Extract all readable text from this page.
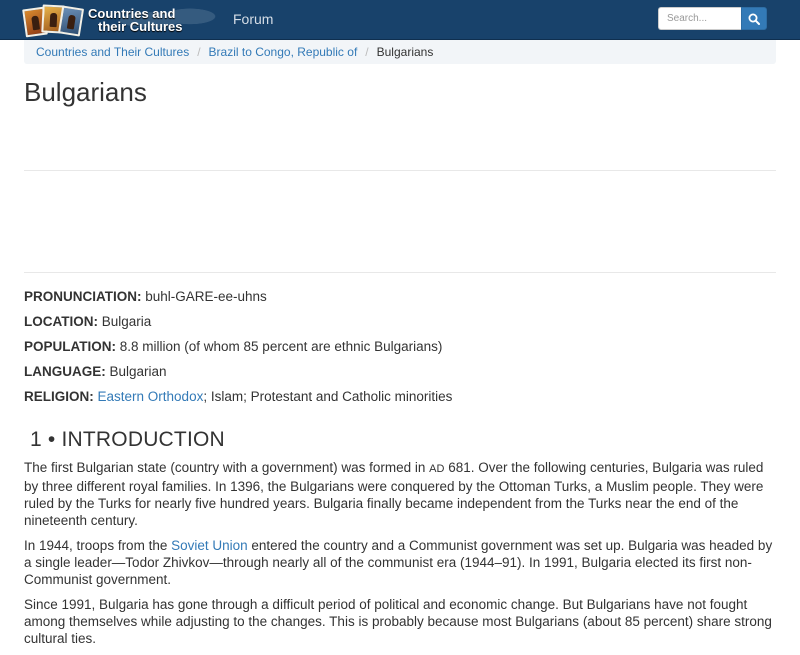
Countries and
their Cultures	Forum
Search...
Countries and Their Cultures / Brazil to Congo, Republic of / Bulgarians
Bulgarians

PRONUNCIATION: buhl-GARE-ee-uhns

LOCATION: Bulgaria

POPULATION: 8.8 million (of whom 85 percent are ethnic Bulgarians)

LANGUAGE: Bulgarian

RELIGION: Eastern Orthodox; Islam; Protestant and Catholic minorities

1 • INTRODUCTION

The first Bulgarian state (country with a government) was formed in AD 681. Over the following centuries, Bulgaria was ruled by three different royal families. In 1396, the Bulgarians were conquered by the Ottoman Turks, a Muslim people. They were ruled by the Turks for nearly five hundred years. Bulgaria finally became independent from the Turks near the end of the nineteenth century.

In 1944, troops from the Soviet Union entered the country and a Communist government was set up. Bulgaria was headed by a single leader—Todor Zhivkov—through nearly all of the communist era (1944–91). In 1991, Bulgaria elected its first non-Communist government.

Since 1991, Bulgaria has gone through a difficult period of political and economic change. But Bulgarians have not fought among themselves while adjusting to the changes. This is probably because most Bulgarians (about 85 percent) share strong cultural ties.
